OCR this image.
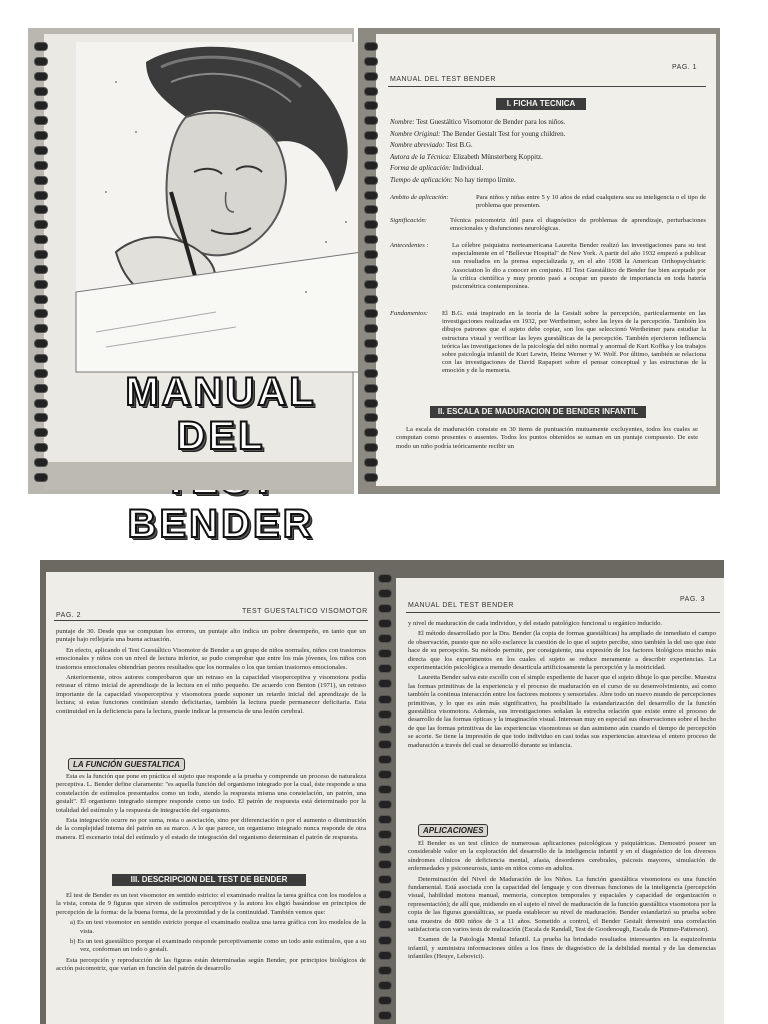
MANUAL DEL
BENDER
MANUAL DEL TEST BENDER
PAG. 1
I. FICHA TECNICA
Nombre: Test Guestáltico Visomotor de Bender para los niños.
Nombre Original: The Bender Gestalt Test for young children.
Nombre abreviado: Test B.G.
Autora de la Técnica: Elizabeth Münsterberg Koppitz.
Forma de aplicación: Individual.
Tiempo de aplicación: No hay tiempo límite.
Ambito de aplicación:	Para niños y niñas entre 5 y 10 años de edad cualquiera sea su inteligencia o el tipo de problema que presenten.
Significación:	Técnica psicomotriz útil para el diagnóstico de problemas de aprendizaje, perturbaciones emocionales y disfunciones neurológicas.
Antecedentes :	La célebre psiquiatra norteamericana Lauretta Bender realizó las investigaciones para su test especialmente en el "Bellevue Hospital" de New York. A partir del año 1932 empezó a publicar sus resultados en la prensa especializada y, en el año 1938 la American Orthopsychiatric Association lo dio a conocer en conjunto. El Test Guestáltico de Bender fue bien aceptado por la crítica científica y muy pronto pasó a ocupar un puesto de importancia en toda batería psicométrica contemporánea.
Fundamentos: El B.G. está inspirado en la teoría de la Gestalt sobre la percepción, particularmente en las investigaciones realizadas en 1932, por Wertheimer, sobre las leyes de la percepción. También los dibujos patrones que el sujeto debe copiar, son los que seleccionó Wertheimer para estudiar la estructura visual y verificar las leyes guestálticas de la percepción. También ejercieron influencia teórica las investigaciones de la psicología del niño normal y anormal de Kurt Koffka y los trabajos sobre psicología infantil de Kurt Lewin, Heinz Werner y W. Wolf. Por último, también se relaciona con las investigaciones de David Rapaport sobre el pensar conceptual y las estructuras de la emoción y de la memoria.
II. ESCALA DE MADURACION DE BENDER INFANTIL

La escala de maduración consiste en 30 items de puntuación mutuamente excluyentes, todos los cuales se computan como presentes o ausentes. Todos los puntos obtenidos se suman en un puntaje compuesto. De este modo un niño podría teóricamente recibir un

PAG. 2
TEST GUESTALTICO VISOMOTOR

puntaje de 30. Desde que se computan los errores, un puntaje alto indica un pobre desempeño, en tanto que un puntaje bajo reflejaría una buena actuación.

En efecto, aplicando el Test Guestáltico Visomotor de Bender a un grupo de niños normales, niños con trastornos emocionales y niños con un nivel de lectura inferior, se pudo comprobar que entre los más jóvenes, los niños con trastornos emocionales obtendrían peores resultados que los normales o los que tenían trastornos emocionales.

Anteriormente, otros autores comprobaron que un retraso en la capacidad visoperceptiva y visomotora podía retrasar el ritmo inicial de aprendizaje de la lectura en el niño pequeño. De acuerdo con Benton (1971), un retraso importante de la capacidad visoperceptiva y visomotora puede suponer un retardo inicial del aprendizaje de la lectura; si estas funciones continúan siendo deficitarias, también la lectura puede permanecer deficitaria. Esta continuidad en la deficiencia para la lectura, puede indicar la presencia de una lesión cerebral.

LA FUNCIÓN GUESTALTICA

Esta es la función que pone en práctica el sujeto que responde a la prueba y comprende un proceso de naturaleza perceptiva. L. Bender define claramente: "es aquella función del organismo integrado por la cual, éste responde a una constelación de estímulos presentados como un todo, siendo la respuesta misma una constelación, un patrón, una gestalt". El organismo integrado siempre responde como un todo. El patrón de respuesta está determinado por la totalidad del estímulo y la respuesta de integración del organismo.

Esta integración ocurre no por suma, resta o asociación, sino por diferenciación o por el aumento o disminución de la complejidad interna del patrón en su marco. A lo que parece, un organismo integrado nunca responde de otra manera. El escenario total del estímulo y el estado de integración del organismo determinan el patrón de respuesta.

III. DESCRIPCION DEL TEST DE BENDER

El test de Bender es un test visomotor en sentido estricto: el examinado realiza la tarea gráfica con los modelos a la vista, consta de 9 figuras que sirven de estímulos perceptivos y la autora los eligió basándose en principios de percepción de la forma: de la buena forma, de la proximidad y de la continuidad. También vemos que:

a) Es un test visomotor en sentido estricto porque el examinado realiza una tarea gráfica con los modelos de la vista.
b) Es un test guestáltico porque el examinado responde perceptivamente como un todo ante estímulos, que a su vez, conforman un todo o gestalt.

Esta percepción y reproducción de las figuras están determinadas según Bender, por principios biológicos de acción psicomotriz, que varían en función del patrón de desarrollo

MANUAL DEL TEST BENDER
PAG. 3

y nivel de maduración de cada individuo, y del estado patológico funcional u orgánico inducido.

El método desarrollado por la Dra. Bender (la copia de formas guestálticas) ha ampliado de inmediato el campo de observación, puesto que no sólo esclarece la cuestión de lo que el sujeto percibe, sino también la del uso que éste hace de su percepción. Su método permite, por consiguiente, una expresión de los factores biológicos mucho más directa que los experimentos en los cuales el sujeto se reduce meramente a describir experiencias. La experimentación psicológica a menudo desarticula artificiosamente la percepción y la motricidad.

Lauretta Bender salva este escollo con el simple expediente de hacer que el sujeto dibuje lo que percibe. Muestra las formas primitivas de la experiencia y el proceso de maduración en el curso de su desenvolvimiento, así como también la continua interacción entre los factores motores y sensoriales. Abre todo un nuevo mundo de percepciones primitivas, y lo que es aún más significativo, ha posibilitado la estandarización del desarrollo de la función guestáltica visomotora. Además, sus investigaciones señalan la estrecha relación que existe entre el proceso de desarrollo de las formas ópticas y la imaginación visual. Interesan muy en especial sus observaciones sobre el hecho de que las formas primitivas de las experiencias visomotoras se dan asimismo aún cuando el tiempo de percepción se acorte. Se tiene la impresión de que todo individuo en casi todas sus experiencias atraviesa el entero proceso de maduración a través del cual se desarrolló durante su infancia.

APLICACIONES

El Bender es un test clínico de numerosas aplicaciones psicológicas y psiquiátricas. Demostró poseer un considerable valor en la exploración del desarrollo de la inteligencia infantil y en el diagnóstico de los diversos síndromes clínicos de deficiencia mental, afasia, desordenes cerebrales, psicosis mayores, simulación de enfermedades y psiconeurosis, tanto en niños como en adultos.

Determinación del Nivel de Maduración de los Niños. La función guestáltica visomotora es una función fundamental. Está asociada con la capacidad del lenguaje y con diversas funciones de la inteligencia (percepción visual, habilidad motora manual, memoria, conceptos temporales y espaciales y capacidad de organización o representación); de allí que, midiendo en el sujeto el nivel de maduración de la función guestáltica visomotora por la copia de las figuras guestálticas, se pueda establecer su nivel de maduración. Bender estandarizó su prueba sobre una muestra de 800 niños de 3 a 11 años. Sometido a control, el Bender Gestalt demostró una correlación satisfactoria con varios tests de realización (Escala de Randall, Test de Goodenough, Escala de Pintner-Patterson).

Examen de la Patología Mental Infantil. La prueba ha brindado resultados interesantes en la esquizofrenia infantil, y suministra informaciones útiles a los fines de diagnóstico de la debilidad mental y de las demencias infantiles (Heuye, Lebovici).
